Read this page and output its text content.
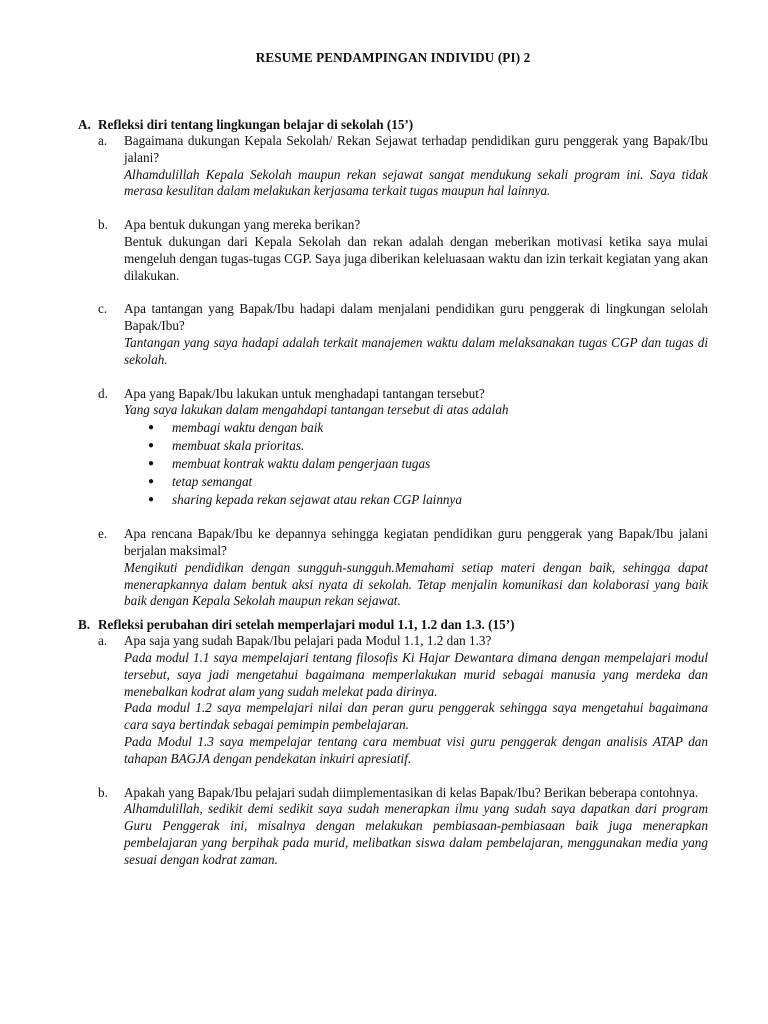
RESUME PENDAMPINGAN INDIVIDU (PI) 2
A. Refleksi diri tentang lingkungan belajar di sekolah (15’)
a. Bagaimana dukungan Kepala Sekolah/ Rekan Sejawat terhadap pendidikan guru penggerak yang Bapak/Ibu jalani?
Alhamdulillah Kepala Sekolah maupun rekan sejawat sangat mendukung sekali program ini. Saya tidak merasa kesulitan dalam melakukan kerjasama terkait tugas maupun hal lainnya.
b. Apa bentuk dukungan yang mereka berikan?
Bentuk dukungan dari Kepala Sekolah dan rekan adalah dengan meberikan motivasi ketika saya mulai mengeluh dengan tugas-tugas CGP. Saya juga diberikan keleluasaan waktu dan izin terkait kegiatan yang akan dilakukan.
c. Apa tantangan yang Bapak/Ibu hadapi dalam menjalani pendidikan guru penggerak di lingkungan selolah Bapak/Ibu?
Tantangan yang saya hadapi adalah terkait manajemen waktu dalam melaksanakan tugas CGP dan tugas di sekolah.
d. Apa yang Bapak/Ibu lakukan untuk menghadapi tantangan tersebut?
Yang saya lakukan dalam mengahdapi tantangan tersebut di atas adalah
● membagi waktu dengan baik
● membuat skala prioritas.
● membuat kontrak waktu dalam pengerjaan tugas
● tetap semangat
● sharing kepada rekan sejawat atau rekan CGP lainnya
e. Apa rencana Bapak/Ibu ke depannya sehingga kegiatan pendidikan guru penggerak yang Bapak/Ibu jalani berjalan maksimal?
Mengikuti pendidikan dengan sungguh-sungguh.Memahami setiap materi dengan baik, sehingga dapat menerapkannya dalam bentuk aksi nyata di sekolah. Tetap menjalin komunikasi dan kolaborasi yang baik baik dengan Kepala Sekolah maupun rekan sejawat.
B. Refleksi perubahan diri setelah memperlajari modul 1.1, 1.2 dan 1.3. (15’)
a. Apa saja yang sudah Bapak/Ibu pelajari pada Modul 1.1, 1.2 dan 1.3?
Pada modul 1.1 saya mempelajari tentang filosofis Ki Hajar Dewantara dimana dengan mempelajari modul tersebut, saya jadi mengetahui bagaimana memperlakukan murid sebagai manusia yang merdeka dan menebalkan kodrat alam yang sudah melekat pada dirinya.
Pada modul 1.2 saya mempelajari nilai dan peran guru penggerak sehingga saya mengetahui bagaimana cara saya bertindak sebagai pemimpin pembelajaran.
Pada Modul 1.3 saya mempelajar tentang cara membuat visi guru penggerak dengan analisis ATAP dan tahapan BAGJA dengan pendekatan inkuiri apresiatif.
b. Apakah yang Bapak/Ibu pelajari sudah diimplementasikan di kelas Bapak/Ibu? Berikan beberapa contohnya.
Alhamdulillah, sedikit demi sedikit saya sudah menerapkan ilmu yang sudah saya dapatkan dari program Guru Penggerak ini, misalnya dengan melakukan pembiasaan-pembiasaan baik juga menerapkan pembelajaran yang berpihak pada murid, melibatkan siswa dalam pembelajaran, menggunakan media yang sesuai dengan kodrat zaman.
